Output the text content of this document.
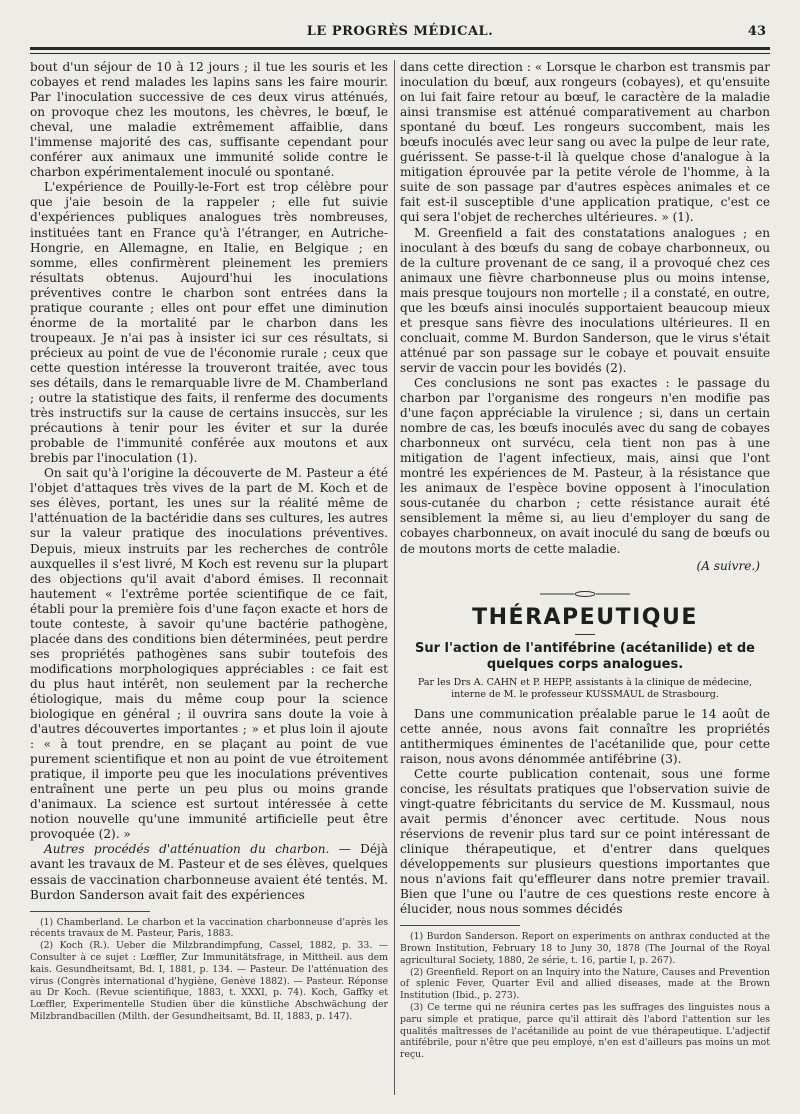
LE PROGRÈS MÉDICAL.	43

bout d'un séjour de 10 à 12 jours ; il tue les souris et les cobayes et rend malades les lapins sans les faire mourir. Par l'inoculation successive de ces deux virus atténués, on provoque chez les moutons, les chèvres, le bœuf, le cheval, une maladie extrêmement affaiblie, dans l'immense majorité des cas, suffisante cependant pour conférer aux animaux une immunité solide contre le charbon expérimentalement inoculé ou spontané.

L'expérience de Pouilly-le-Fort est trop célèbre pour que j'aie besoin de la rappeler ; elle fut suivie d'expériences publiques analogues très nombreuses, instituées tant en France qu'à l'étranger, en Autriche-Hongrie, en Allemagne, en Italie, en Belgique ; en somme, elles confirmèrent pleinement les premiers résultats obtenus. Aujourd'hui les inoculations préventives contre le charbon sont entrées dans la pratique courante ; elles ont pour effet une diminution énorme de la mortalité par le charbon dans les troupeaux. Je n'ai pas à insister ici sur ces résultats, si précieux au point de vue de l'économie rurale ; ceux que cette question intéresse la trouveront traitée, avec tous ses détails, dans le remarquable livre de M. Chamberland ; outre la statistique des faits, il renferme des documents très instructifs sur la cause de certains insuccès, sur les précautions à tenir pour les éviter et sur la durée probable de l'immunité conférée aux moutons et aux brebis par l'inoculation (1).

On sait qu'à l'origine la découverte de M. Pasteur a été l'objet d'attaques très vives de la part de M. Koch et de ses élèves, portant, les unes sur la réalité même de l'atténuation de la bactéridie dans ses cultures, les autres sur la valeur pratique des inoculations préventives. Depuis, mieux instruits par les recherches de contrôle auxquelles il s'est livré, M Koch est revenu sur la plupart des objections qu'il avait d'abord émises. Il reconnait hautement « l'extrême portée scientifique de ce fait, établi pour la première fois d'une façon exacte et hors de toute conteste, à savoir qu'une bactérie pathogène, placée dans des conditions bien déterminées, peut perdre ses propriétés pathogènes sans subir toutefois des modifications morphologiques appréciables : ce fait est du plus haut intérêt, non seulement par la recherche étiologique, mais du même coup pour la science biologique en général ; il ouvrira sans doute la voie à d'autres découvertes importantes ; » et plus loin il ajoute : « à tout prendre, en se plaçant au point de vue purement scientifique et non au point de vue étroitement pratique, il importe peu que les inoculations préventives entraînent une perte un peu plus ou moins grande d'animaux. La science est surtout intéressée à cette notion nouvelle qu'une immunité artificielle peut être provoquée (2). »

Autres procédés d'atténuation du charbon. — Déjà avant les travaux de M. Pasteur et de ses élèves, quelques essais de vaccination charbonneuse avaient été tentés. M. Burdon Sanderson avait fait des expériences

(1) Chamberland. Le charbon et la vaccination charbonneuse d'après les récents travaux de M. Pasteur, Paris, 1883.

(2) Koch (R.). Ueber die Milzbrandimpfung, Cassel, 1882, p. 33. — Consulter à ce sujet : Lœffler, Zur Immunitätsfrage, in Mittheil. aus dem kais. Gesundheitsamt, Bd. I, 1881, p. 134. — Pasteur. De l'atténuation des virus (Congrès international d'hygiène, Genève 1882). — Pasteur. Réponse au Dr Koch. (Revue scientifique, 1883, t. XXXI, p. 74). Koch, Gaffky et Lœffler, Experimentelle Studien über die künstliche Abschwächung der Milzbrandbacillen (Milth. der Gesundheitsamt, Bd. II, 1883, p. 147).

dans cette direction : « Lorsque le charbon est transmis par inoculation du bœuf, aux rongeurs (cobayes), et qu'ensuite on lui fait faire retour au bœuf, le caractère de la maladie ainsi transmise est atténué comparativement au charbon spontané du bœuf. Les rongeurs succombent, mais les bœufs inoculés avec leur sang ou avec la pulpe de leur rate, guérissent. Se passe-t-il là quelque chose d'analogue à la mitigation éprouvée par la petite vérole de l'homme, à la suite de son passage par d'autres espèces animales et ce fait est-il susceptible d'une application pratique, c'est ce qui sera l'objet de recherches ultérieures. » (1).

M. Greenfield a fait des constatations analogues ; en inoculant à des bœufs du sang de cobaye charbonneux, ou de la culture provenant de ce sang, il a provoqué chez ces animaux une fièvre charbonneuse plus ou moins intense, mais presque toujours non mortelle ; il a constaté, en outre, que les bœufs ainsi inoculés supportaient beaucoup mieux et presque sans fièvre des inoculations ultérieures. Il en concluait, comme M. Burdon Sanderson, que le virus s'était atténué par son passage sur le cobaye et pouvait ensuite servir de vaccin pour les bovidés (2).

Ces conclusions ne sont pas exactes : le passage du charbon par l'organisme des rongeurs n'en modifie pas d'une façon appréciable la virulence ; si, dans un certain nombre de cas, les bœufs inoculés avec du sang de cobayes charbonneux ont survécu, cela tient non pas à une mitigation de l'agent infectieux, mais, ainsi que l'ont montré les expériences de M. Pasteur, à la résistance que les animaux de l'espèce bovine opposent à l'inoculation sous-cutanée du charbon ; cette résistance aurait été sensiblement la même si, au lieu d'employer du sang de cobayes charbonneux, on avait inoculé du sang de bœufs ou de moutons morts de cette maladie.

(A suivre.)
THÉRAPEUTIQUE
Sur l'action de l'antifébrine (acétanilide) et de quelques corps analogues.
Par les Drs A. CAHN et P. HEPP, assistants à la clinique de médecine, interne de M. le professeur KUSSMAUL de Strasbourg.

Dans une communication préalable parue le 14 août de cette année, nous avons fait connaître les propriétés antithermiques éminentes de l'acétanilide que, pour cette raison, nous avons dénommée antifébrine (3).

Cette courte publication contenait, sous une forme concise, les résultats pratiques que l'observation suivie de vingt-quatre fébricitants du service de M. Kussmaul, nous avait permis d'énoncer avec certitude. Nous nous réservions de revenir plus tard sur ce point intéressant de clinique thérapeutique, et d'entrer dans quelques développements sur plusieurs questions importantes que nous n'avions fait qu'effleurer dans notre premier travail. Bien que l'une ou l'autre de ces questions reste encore à élucider, nous nous sommes décidés

(1) Burdon Sanderson. Report on experiments on anthrax conducted at the Brown Institution, February 18 to Juny 30, 1878 (The Journal of the Royal agricultural Society, 1880, 2e série, t. 16, partie I, p. 267).

(2) Greenfield. Report on an Inquiry into the Nature, Causes and Prevention of splenic Fever, Quarter Evil and allied diseases, made at the Brown Institution (Ibid., p. 273).

(3) Ce terme qui ne réunira certes pas les suffrages des linguistes nous a paru simple et pratique, parce qu'il attirait dès l'abord l'attention sur les qualités maîtresses de l'acétanilide au point de vue thérapeutique. L'adjectif antifébrile, pour n'être que peu employé, n'en est d'ailleurs pas moins un mot reçu.
